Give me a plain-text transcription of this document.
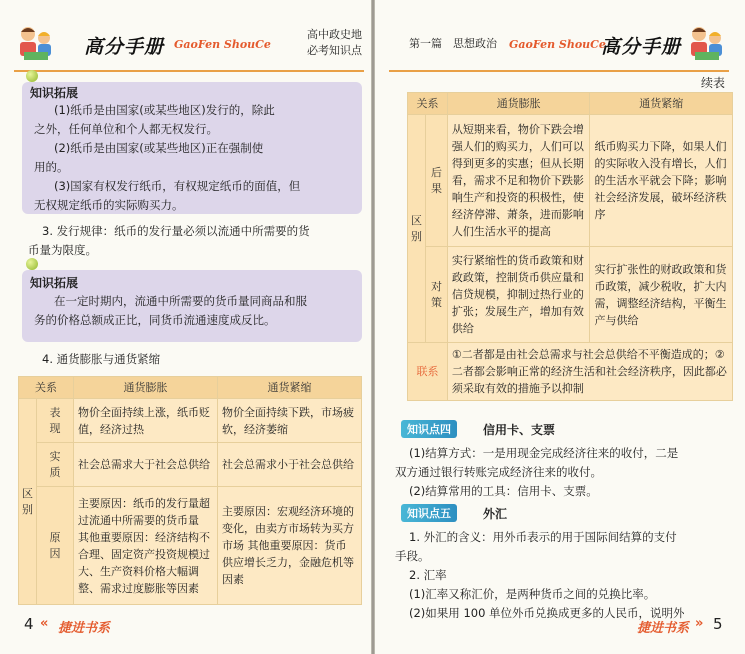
高分手册 GaoFen ShouCe
高中政史地
必考知识点
知识拓展
(1)纸币是由国家(或某些地区)发行的，除此
之外，任何单位和个人都无权发行。
(2)纸币是由国家(或某些地区)正在强制使
用的。
(3)国家有权发行纸币，有权规定纸币的面值，但
无权规定纸币的实际购买力。
3. 发行规律：纸币的发行量必须以流通中所需要的货
币量为限度。
知识拓展
在一定时期内，流通中所需要的货币量同商品和服
务的价格总额成正比，同货币流通速度成反比。
4. 通货膨胀与通货紧缩
关系		通货膨胀	通货紧缩

区
别	表
现	物价全面持续上涨，纸币贬值，经济过热	物价全面持续下跌，市场疲软，经济萎缩

	实
质	社会总需求大于社会总供给	社会总需求小于社会总供给

	原
因	主要原因：纸币的发行量超过流通中所需要的货币量 其他重要原因：经济结构不合理、固定资产投资规模过大、生产资料价格大幅调整、需求过度膨胀等因素	主要原因：宏观经济环境的变化，由卖方市场转为买方市场 其他重要原因：货币供应增长乏力，金融危机等因素
4 « 捷进书系
第一篇　思想政治 GaoFen ShouCe
高分手册
续表
关系		通货膨胀	通货紧缩

区
别	后
果	从短期来看，物价下跌会增强人们的购买力，人们可以得到更多的实惠；但从长期看，需求不足和物价下跌影响生产和投资的积极性，使经济停滞、萧条，进而影响人们生活水平的提高	纸币购买力下降，如果人们的实际收入没有增长，人们的生活水平就会下降；影响社会经济发展，破坏经济秩序

	对
策	实行紧缩性的货币政策和财政政策，控制货币供应量和信贷规模，抑制过热行业的扩张；发展生产，增加有效供给	实行扩张性的财政政策和货币政策，减少税收，扩大内需，调整经济结构，平衡生产与供给
联系		①二者都是由社会总需求与社会总供给不平衡造成的；②二者都会影响正常的经济生活和社会经济秩序，因此都必须采取有效的措施予以抑制	
知识点四	信用卡、支票
(1)结算方式：一是用现金完成经济往来的收付，二是
双方通过银行转账完成经济往来的收付。
(2)结算常用的工具：信用卡、支票。
知识点五	外汇
1. 外汇的含义：用外币表示的用于国际间结算的支付
手段。
2. 汇率
(1)汇率又称汇价，是两种货币之间的兑换比率。
(2)如果用 100 单位外币兑换成更多的人民币，说明外
捷进书系 » 5
